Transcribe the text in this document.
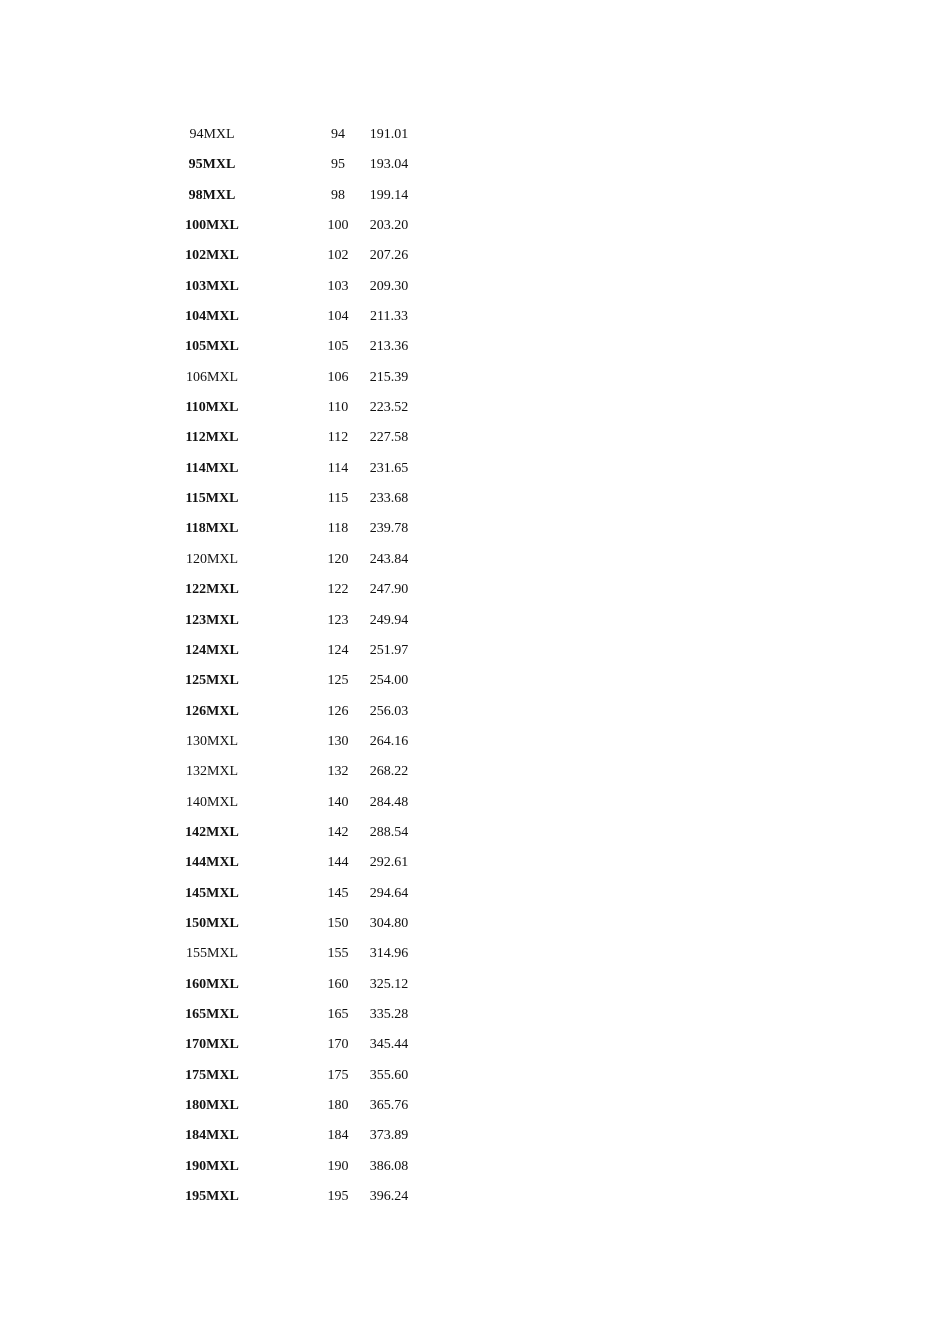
94MXL	94	191.01
95MXL	95	193.04
98MXL	98	199.14
100MXL	100	203.20
102MXL	102	207.26
103MXL	103	209.30
104MXL	104	211.33
105MXL	105	213.36
106MXL	106	215.39
110MXL	110	223.52
112MXL	112	227.58
114MXL	114	231.65
115MXL	115	233.68
118MXL	118	239.78
120MXL	120	243.84
122MXL	122	247.90
123MXL	123	249.94
124MXL	124	251.97
125MXL	125	254.00
126MXL	126	256.03
130MXL	130	264.16
132MXL	132	268.22
140MXL	140	284.48
142MXL	142	288.54
144MXL	144	292.61
145MXL	145	294.64
150MXL	150	304.80
155MXL	155	314.96
160MXL	160	325.12
165MXL	165	335.28
170MXL	170	345.44
175MXL	175	355.60
180MXL	180	365.76
184MXL	184	373.89
190MXL	190	386.08
195MXL	195	396.24
